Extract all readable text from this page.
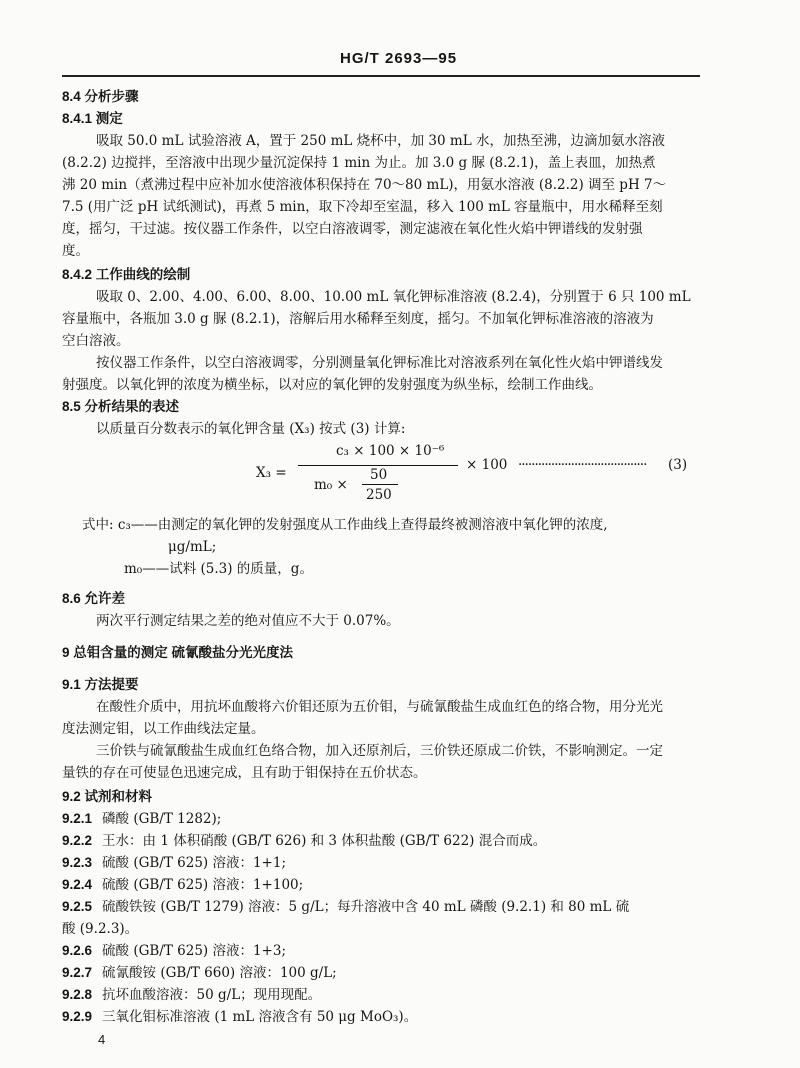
HG/T 2693—95
8.4 分析步骤
8.4.1 测定
吸取 50.0 mL 试验溶液 A，置于 250 mL 烧杯中，加 30 mL 水，加热至沸，边滴加氨水溶液
(8.2.2) 边搅拌，至溶液中出现少量沉淀保持 1 min 为止。加 3.0 g 脲 (8.2.1)，盖上表皿，加热煮
沸 20 min（煮沸过程中应补加水使溶液体积保持在 70～80 mL)，用氨水溶液 (8.2.2) 调至 pH 7～
7.5 (用广泛 pH 试纸测试)，再煮 5 min，取下冷却至室温，移入 100 mL 容量瓶中，用水稀释至刻
度，摇匀，干过滤。按仪器工作条件，以空白溶液调零，测定滤液在氧化性火焰中钾谱线的发射强
度。
8.4.2 工作曲线的绘制
吸取 0、2.00、4.00、6.00、8.00、10.00 mL 氧化钾标准溶液 (8.2.4)，分别置于 6 只 100 mL
容量瓶中，各瓶加 3.0 g 脲 (8.2.1)，溶解后用水稀释至刻度，摇匀。不加氧化钾标准溶液的溶液为
空白溶液。
按仪器工作条件，以空白溶液调零，分别测量氧化钾标准比对溶液系列在氧化性火焰中钾谱线发
射强度。以氧化钾的浓度为横坐标，以对应的氧化钾的发射强度为纵坐标，绘制工作曲线。
8.5 分析结果的表述
以质量百分数表示的氧化钾含量 (X₃) 按式 (3) 计算:
X₃ =
c₃ × 100 × 10⁻⁶
m₀ ×
50
250
× 100 ······································· (3)
式中: c₃——由测定的氧化钾的发射强度从工作曲线上查得最终被测溶液中氧化钾的浓度,
μg/mL;
m₀——试料 (5.3) 的质量，g。
8.6 允许差
两次平行测定结果之差的绝对值应不大于 0.07%。
9 总钼含量的测定 硫氰酸盐分光光度法
9.1 方法提要
在酸性介质中，用抗坏血酸将六价钼还原为五价钼，与硫氰酸盐生成血红色的络合物，用分光光
度法测定钼，以工作曲线法定量。
三价铁与硫氰酸盐生成血红色络合物，加入还原剂后，三价铁还原成二价铁，不影响测定。一定
量铁的存在可使显色迅速完成，且有助于钼保持在五价状态。
9.2 试剂和材料
9.2.1 磷酸 (GB/T 1282);
9.2.2 王水：由 1 体积硝酸 (GB/T 626) 和 3 体积盐酸 (GB/T 622) 混合而成。
9.2.3 硫酸 (GB/T 625) 溶液：1+1;
9.2.4 硫酸 (GB/T 625) 溶液：1+100;
9.2.5 硫酸铁铵 (GB/T 1279) 溶液：5 g/L；每升溶液中含 40 mL 磷酸 (9.2.1) 和 80 mL 硫
酸 (9.2.3)。
9.2.6 硫酸 (GB/T 625) 溶液：1+3;
9.2.7 硫氰酸铵 (GB/T 660) 溶液：100 g/L;
9.2.8 抗坏血酸溶液：50 g/L；现用现配。
9.2.9 三氧化钼标准溶液 (1 mL 溶液含有 50 μg MoO₃)。
4
